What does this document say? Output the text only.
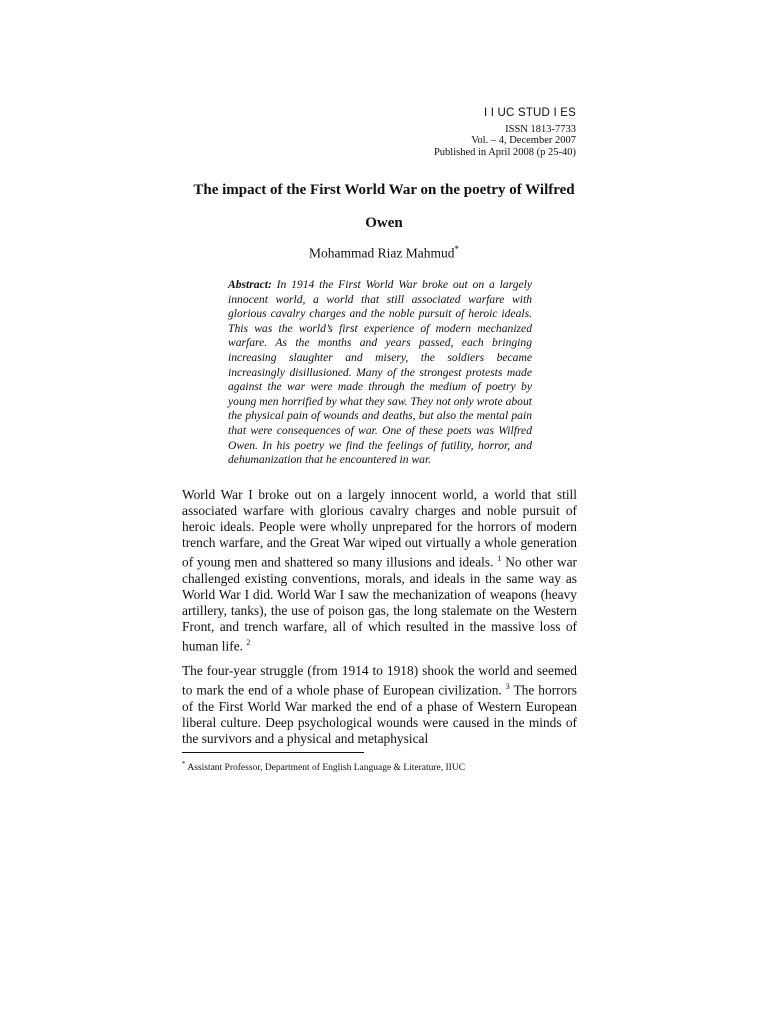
I I UC STUD I ES
ISSN 1813-7733
Vol. – 4, December 2007
Published in April 2008 (p 25-40)
The impact of the First World War on the poetry of Wilfred Owen
Mohammad Riaz Mahmud*
Abstract: In 1914 the First World War broke out on a largely innocent world, a world that still associated warfare with glorious cavalry charges and the noble pursuit of heroic ideals. This was the world’s first experience of modern mechanized warfare. As the months and years passed, each bringing increasing slaughter and misery, the soldiers became increasingly disillusioned. Many of the strongest protests made against the war were made through the medium of poetry by young men horrified by what they saw. They not only wrote about the physical pain of wounds and deaths, but also the mental pain that were consequences of war. One of these poets was Wilfred Owen. In his poetry we find the feelings of futility, horror, and dehumanization that he encountered in war.

World War I broke out on a largely innocent world, a world that still associated warfare with glorious cavalry charges and noble pursuit of heroic ideals. People were wholly unprepared for the horrors of modern trench warfare, and the Great War wiped out virtually a whole generation of young men and shattered so many illusions and ideals. $^1$ No other war challenged existing conventions, morals, and ideals in the same way as World War I did. World War I saw the mechanization of weapons (heavy artillery, tanks), the use of poison gas, the long stalemate on the Western Front, and trench warfare, all of which resulted in the massive loss of human life. $^2$

The four-year struggle (from 1914 to 1918) shook the world and seemed to mark the end of a whole phase of European civilization. $^3$ The horrors of the First World War marked the end of a phase of Western European liberal culture. Deep psychological wounds were caused in the minds of the survivors and a physical and metaphysical

* Assistant Professor, Department of English Language & Literature, IIUC
